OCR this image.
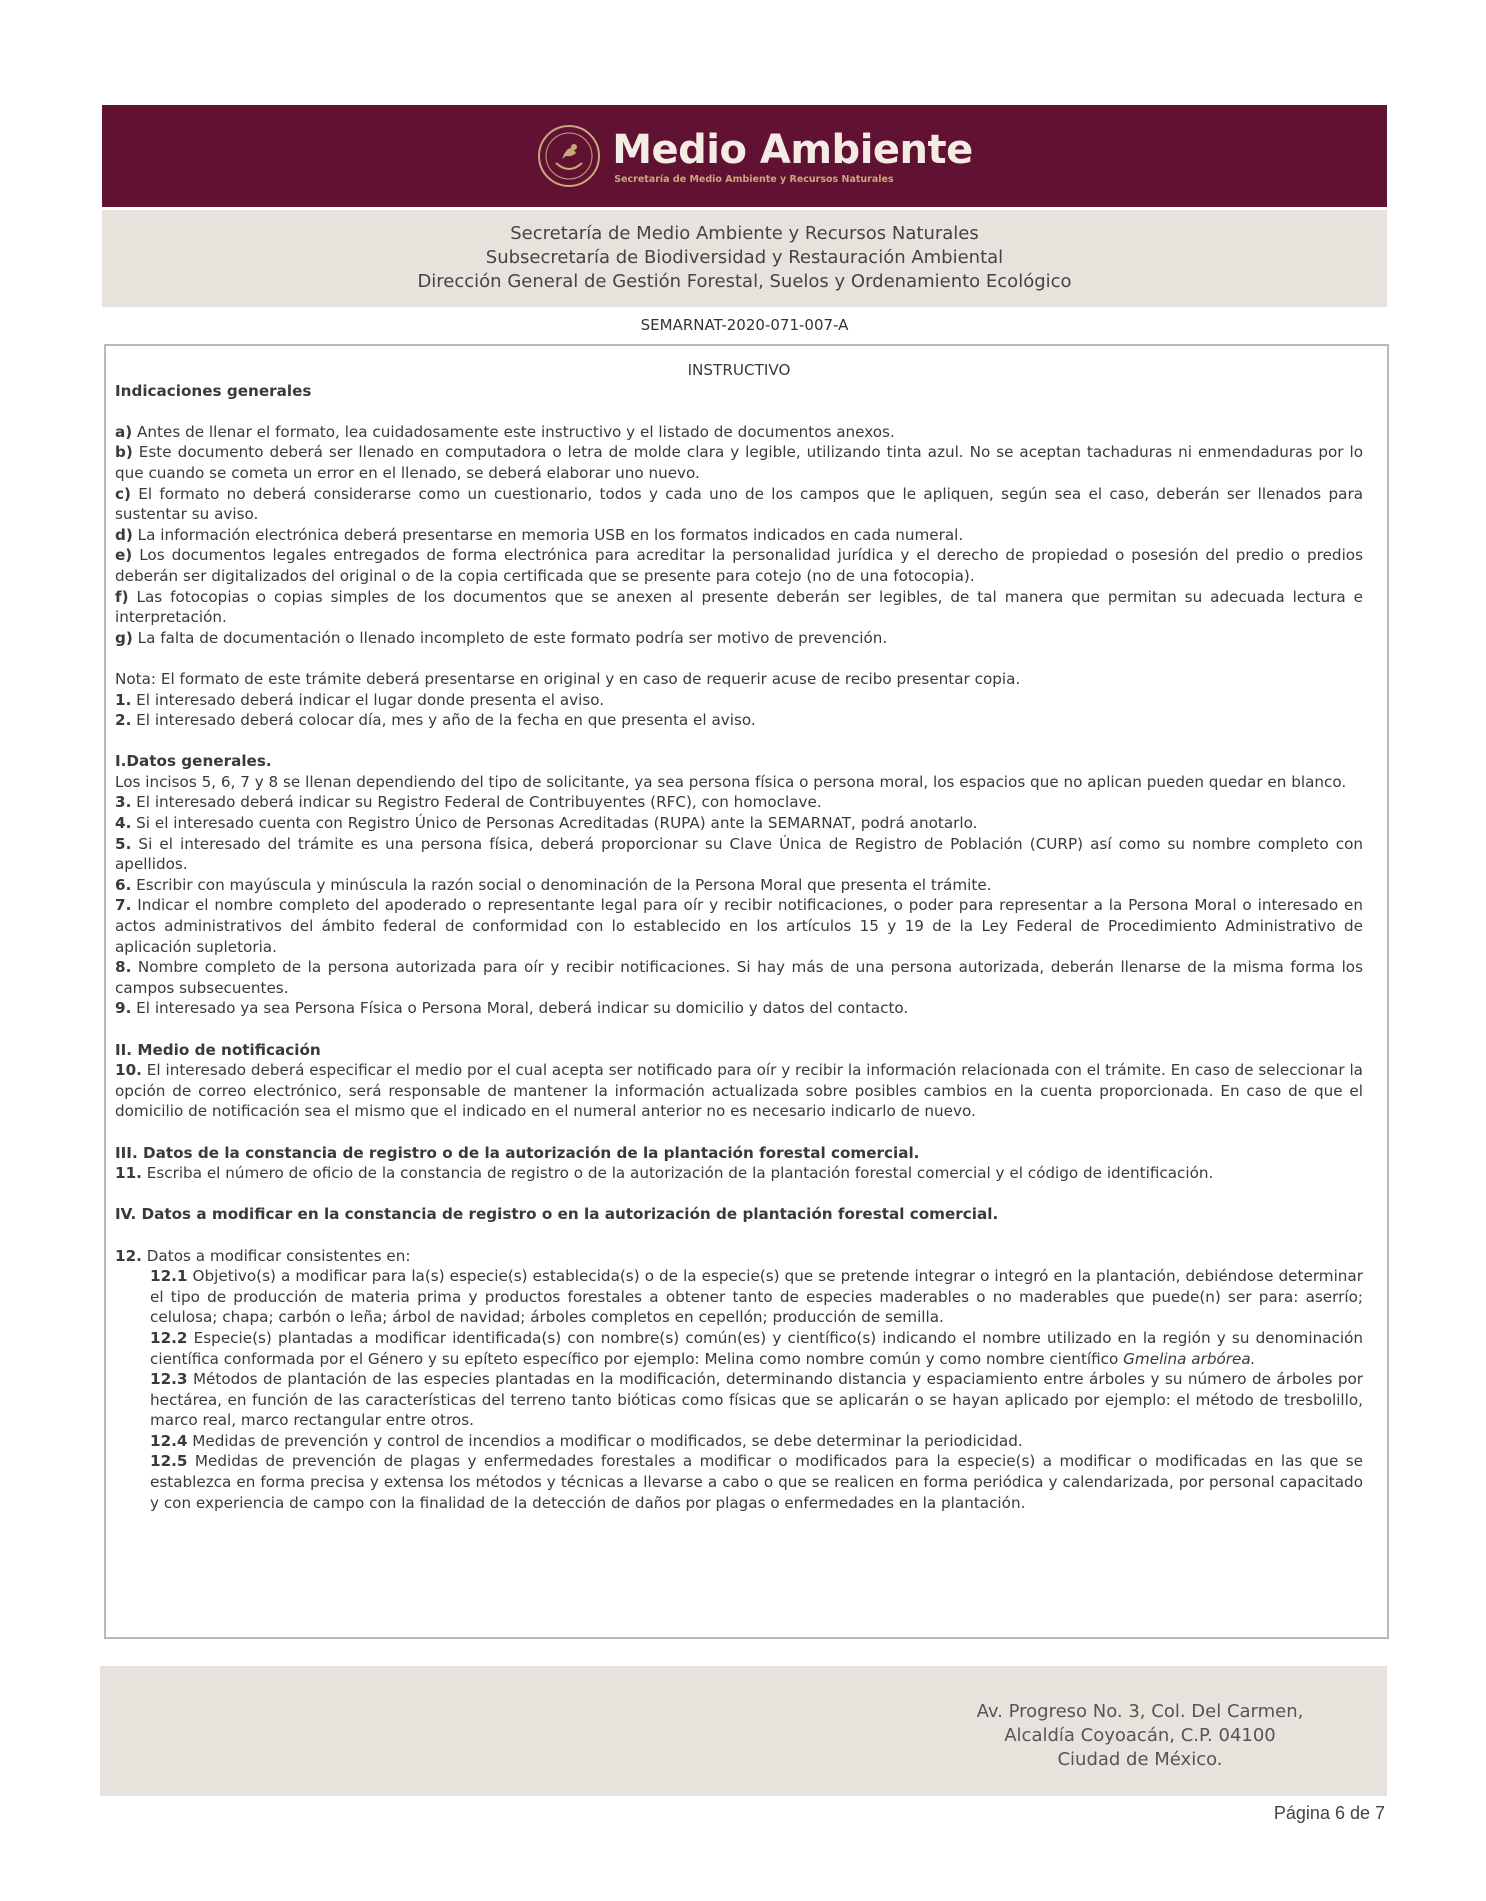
Medio Ambiente
Secretaría de Medio Ambiente y Recursos Naturales
Secretaría de Medio Ambiente y Recursos Naturales
Subsecretaría de Biodiversidad y Restauración Ambiental
Dirección General de Gestión Forestal, Suelos y Ordenamiento Ecológico
SEMARNAT-2020-071-007-A

INSTRUCTIVO

Indicaciones generales

a) Antes de llenar el formato, lea cuidadosamente este instructivo y el listado de documentos anexos.

b) Este documento deberá ser llenado en computadora o letra de molde clara y legible, utilizando tinta azul. No se aceptan tachaduras ni enmendaduras por lo que cuando se cometa un error en el llenado, se deberá elaborar uno nuevo.

c) El formato no deberá considerarse como un cuestionario, todos y cada uno de los campos que le apliquen, según sea el caso, deberán ser llenados para sustentar su aviso.

d) La información electrónica deberá presentarse en memoria USB en los formatos indicados en cada numeral.

e) Los documentos legales entregados de forma electrónica para acreditar la personalidad jurídica y el derecho de propiedad o posesión del predio o predios deberán ser digitalizados del original o de la copia certificada que se presente para cotejo (no de una fotocopia).

f) Las fotocopias o copias simples de los documentos que se anexen al presente deberán ser legibles, de tal manera que permitan su adecuada lectura e interpretación.

g) La falta de documentación o llenado incompleto de este formato podría ser motivo de prevención.

Nota: El formato de este trámite deberá presentarse en original y en caso de requerir acuse de recibo presentar copia.

1. El interesado deberá indicar el lugar donde presenta el aviso.

2. El interesado deberá colocar día, mes y año de la fecha en que presenta el aviso.

I.Datos generales.

Los incisos 5, 6, 7 y 8 se llenan dependiendo del tipo de solicitante, ya sea persona física o persona moral, los espacios que no aplican pueden quedar en blanco.

3. El interesado deberá indicar su Registro Federal de Contribuyentes (RFC), con homoclave.

4. Si el interesado cuenta con Registro Único de Personas Acreditadas (RUPA) ante la SEMARNAT, podrá anotarlo.

5. Si el interesado del trámite es una persona física, deberá proporcionar su Clave Única de Registro de Población (CURP) así como su nombre completo con apellidos.

6. Escribir con mayúscula y minúscula la razón social o denominación de la Persona Moral que presenta el trámite.

7. Indicar el nombre completo del apoderado o representante legal para oír y recibir notificaciones, o poder para representar a la Persona Moral o interesado en actos administrativos del ámbito federal de conformidad con lo establecido en los artículos 15 y 19 de la Ley Federal de Procedimiento Administrativo de aplicación supletoria.

8. Nombre completo de la persona autorizada para oír y recibir notificaciones. Si hay más de una persona autorizada, deberán llenarse de la misma forma los campos subsecuentes.

9. El interesado ya sea Persona Física o Persona Moral, deberá indicar su domicilio y datos del contacto.

II. Medio de notificación

10. El interesado deberá especificar el medio por el cual acepta ser notificado para oír y recibir la información relacionada con el trámite. En caso de seleccionar la opción de correo electrónico, será responsable de mantener la información actualizada sobre posibles cambios en la cuenta proporcionada. En caso de que el domicilio de notificación sea el mismo que el indicado en el numeral anterior no es necesario indicarlo de nuevo.

III. Datos de la constancia de registro o de la autorización de la plantación forestal comercial.

11. Escriba el número de oficio de la constancia de registro o de la autorización de la plantación forestal comercial y el código de identificación.

IV. Datos a modificar en la constancia de registro o en la autorización de plantación forestal comercial.

12. Datos a modificar consistentes en:

12.1 Objetivo(s) a modificar para la(s) especie(s) establecida(s) o de la especie(s) que se pretende integrar o integró en la plantación, debiéndose determinar el tipo de producción de materia prima y productos forestales a obtener tanto de especies maderables o no maderables que puede(n) ser para: aserrío; celulosa; chapa; carbón o leña; árbol de navidad; árboles completos en cepellón; producción de semilla.

12.2 Especie(s) plantadas a modificar identificada(s) con nombre(s) común(es) y científico(s) indicando el nombre utilizado en la región y su denominación científica conformada por el Género y su epíteto específico por ejemplo: Melina como nombre común y como nombre científico Gmelina arbórea.

12.3 Métodos de plantación de las especies plantadas en la modificación, determinando distancia y espaciamiento entre árboles y su número de árboles por hectárea, en función de las características del terreno tanto bióticas como físicas que se aplicarán o se hayan aplicado por ejemplo: el método de tresbolillo, marco real, marco rectangular entre otros.

12.4 Medidas de prevención y control de incendios a modificar o modificados, se debe determinar la periodicidad.

12.5 Medidas de prevención de plagas y enfermedades forestales a modificar o modificados para la especie(s) a modificar o modificadas en las que se establezca en forma precisa y extensa los métodos y técnicas a llevarse a cabo o que se realicen en forma periódica y calendarizada, por personal capacitado y con experiencia de campo con la finalidad de la detección de daños por plagas o enfermedades en la plantación.

Av. Progreso No. 3, Col. Del Carmen,
Alcaldía Coyoacán, C.P. 04100
Ciudad de México.
Página 6 de 7
